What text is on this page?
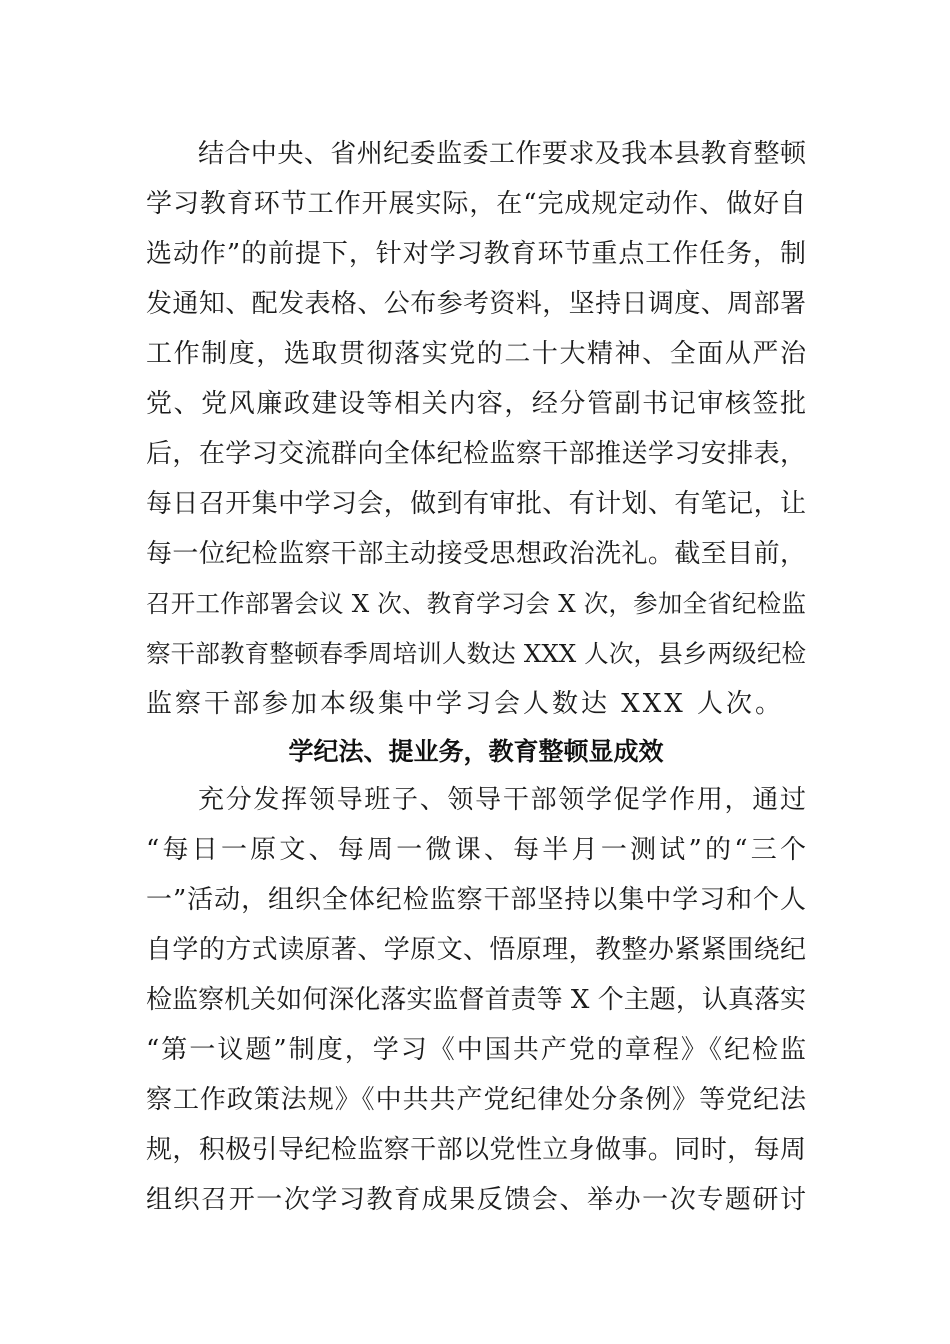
结合中央、省州纪委监委工作要求及我本县教育整顿
学习教育环节工作开展实际，在“完成规定动作、做好自
选动作”的前提下，针对学习教育环节重点工作任务，制
发通知、配发表格、公布参考资料，坚持日调度、周部署
工作制度，选取贯彻落实党的二十大精神、全面从严治
党、党风廉政建设等相关内容，经分管副书记审核签批
后，在学习交流群向全体纪检监察干部推送学习安排表，
每日召开集中学习会，做到有审批、有计划、有笔记，让
每一位纪检监察干部主动接受思想政治洗礼。截至目前，
召开工作部署会议 X 次、教育学习会 X 次，参加全省纪检监
察干部教育整顿春季周培训人数达 XXX 人次，县乡两级纪检
监察干部参加本级集中学习会人数达 XXX 人次。
学纪法、提业务，教育整顿显成效
充分发挥领导班子、领导干部领学促学作用，通过
“每日一原文、每周一微课、每半月一测试”的“三个
一”活动，组织全体纪检监察干部坚持以集中学习和个人
自学的方式读原著、学原文、悟原理，教整办紧紧围绕纪
检监察机关如何深化落实监督首责等 X 个主题，认真落实
“第一议题”制度，学习《中国共产党的章程》《纪检监
察工作政策法规》《中共共产党纪律处分条例》等党纪法
规，积极引导纪检监察干部以党性立身做事。同时，每周
组织召开一次学习教育成果反馈会、举办一次专题研讨
